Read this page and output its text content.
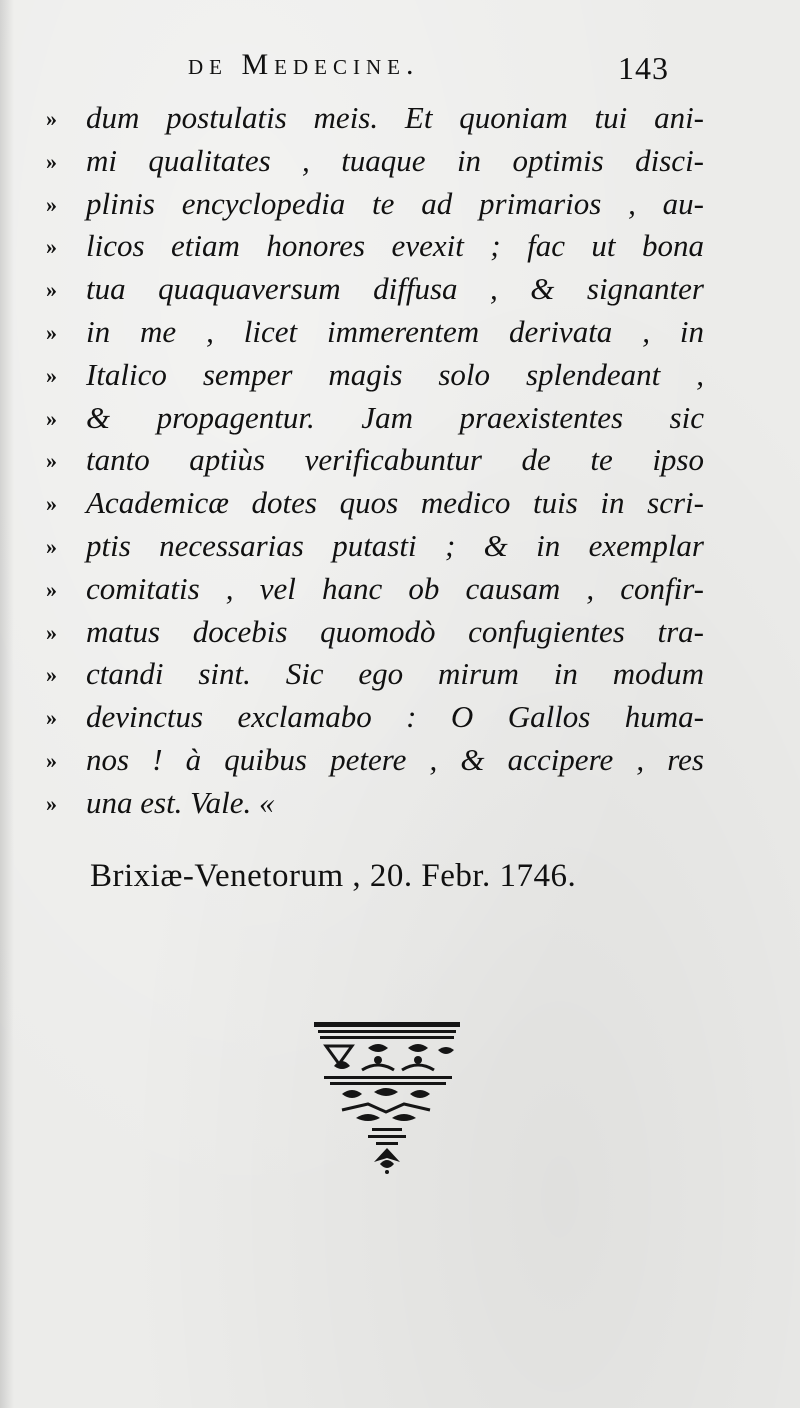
de Medecine.	143
» dum postulatis meis. Et quoniam tui ani-
» mi qualitates , tuaque in optimis disci-
» plinis encyclopedia te ad primarios , au-
» licos etiam honores evexit ; fac ut bona
» tua quaquaversum diffusa , & signanter
» in me , licet immerentem derivata , in
» Italico semper magis solo splendeant ,
» & propagentur. Jam praexistentes sic
» tanto aptiùs verificabuntur de te ipso
» Academicæ dotes quos medico tuis in scri-
» ptis necessarias putasti ; & in exemplar
» comitatis , vel hanc ob causam , confir-
» matus docebis quomodò confugientes tra-
» ctandi sint. Sic ego mirum in modum
» devinctus exclamabo : O Gallos huma-
» nos ! à quibus petere , & accipere , res
» una est. Vale. «
Brixiæ-Venetorum , 20. Febr. 1746.
